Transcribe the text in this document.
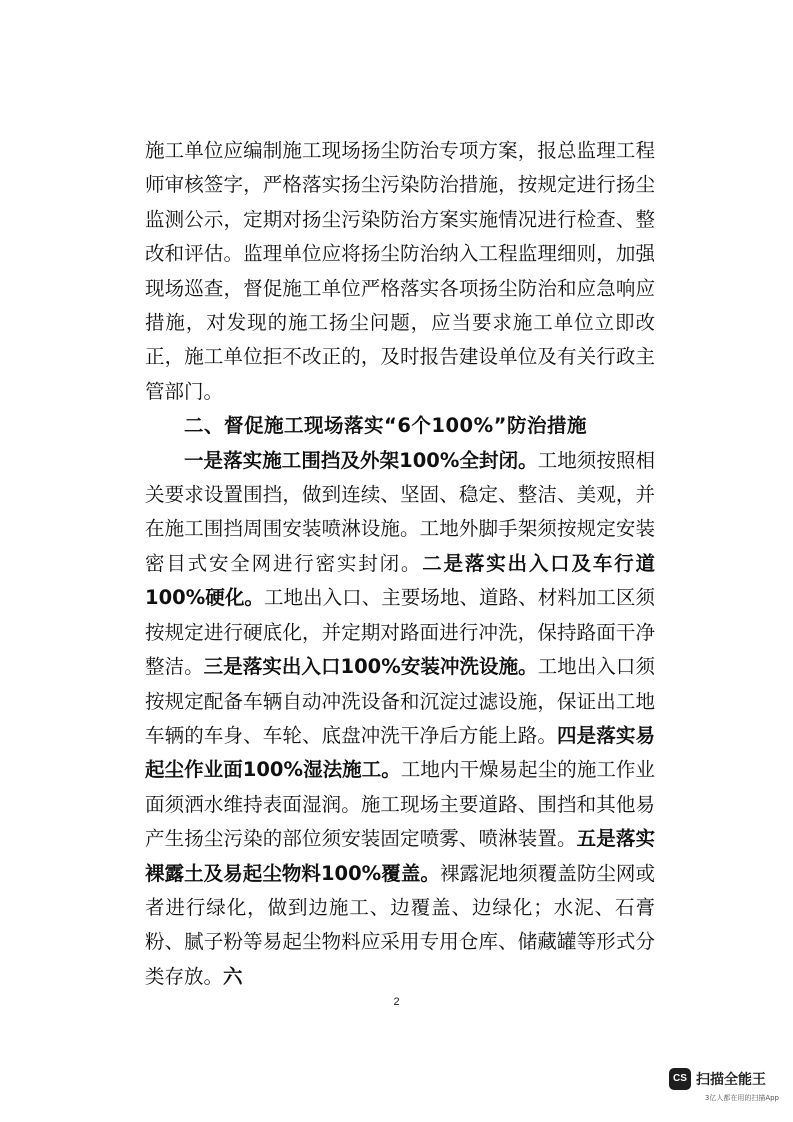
施工单位应编制施工现场扬尘防治专项方案，报总监理工程师审核签字，严格落实扬尘污染防治措施，按规定进行扬尘监测公示，定期对扬尘污染防治方案实施情况进行检查、整改和评估。监理单位应将扬尘防治纳入工程监理细则，加强现场巡查，督促施工单位严格落实各项扬尘防治和应急响应措施，对发现的施工扬尘问题，应当要求施工单位立即改正，施工单位拒不改正的，及时报告建设单位及有关行政主管部门。

二、督促施工现场落实“6个100%”防治措施

一是落实施工围挡及外架100%全封闭。工地须按照相关要求设置围挡，做到连续、坚固、稳定、整洁、美观，并在施工围挡周围安装喷淋设施。工地外脚手架须按规定安装密目式安全网进行密实封闭。二是落实出入口及车行道100%硬化。工地出入口、主要场地、道路、材料加工区须按规定进行硬底化，并定期对路面进行冲洗，保持路面干净整洁。三是落实出入口100%安装冲洗设施。工地出入口须按规定配备车辆自动冲洗设备和沉淀过滤设施，保证出工地车辆的车身、车轮、底盘冲洗干净后方能上路。四是落实易起尘作业面100%湿法施工。工地内干燥易起尘的施工作业面须洒水维持表面湿润。施工现场主要道路、围挡和其他易产生扬尘污染的部位须安装固定喷雾、喷淋装置。五是落实裸露土及易起尘物料100%覆盖。裸露泥地须覆盖防尘网或者进行绿化，做到边施工、边覆盖、边绿化；水泥、石膏粉、腻子粉等易起尘物料应采用专用仓库、储藏罐等形式分类存放。六

2
CS 扫描全能王
3亿人都在用的扫描App
